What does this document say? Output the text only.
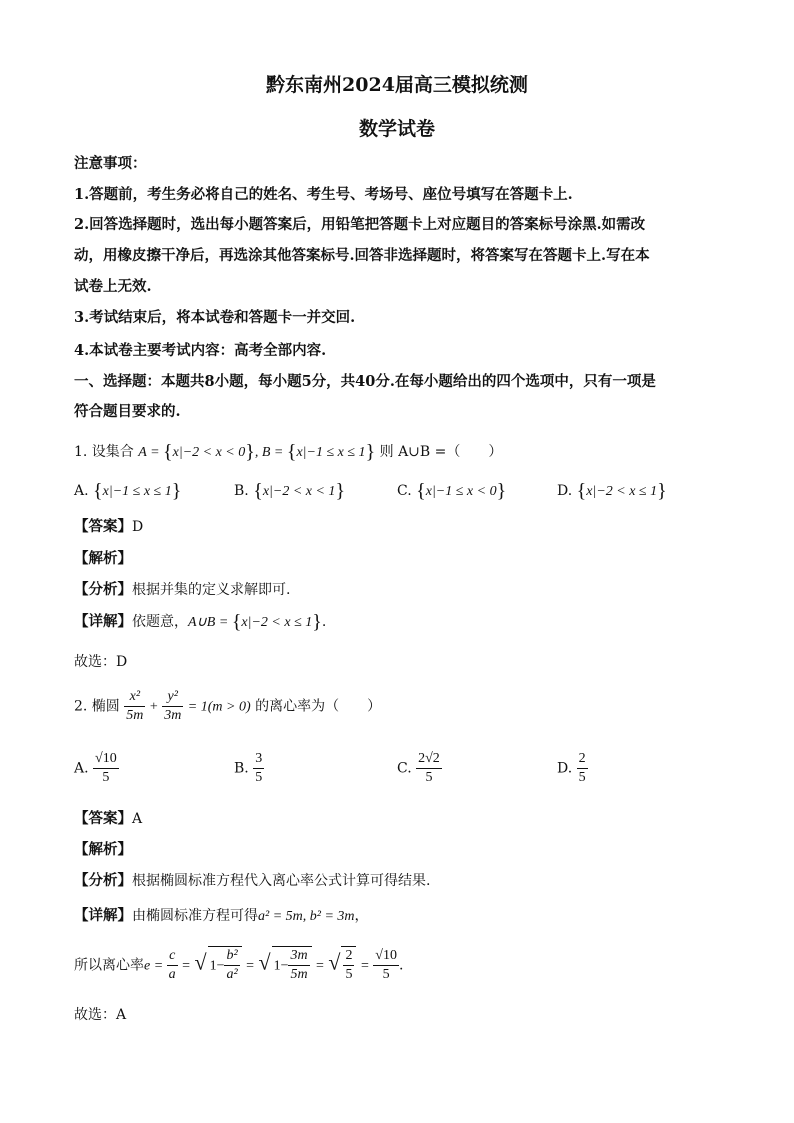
黔东南州2024届高三模拟统测
数学试卷
注意事项：
1.答题前，考生务必将自己的姓名、考生号、考场号、座位号填写在答题卡上.
2.回答选择题时，选出每小题答案后，用铅笔把答题卡上对应题目的答案标号涂黑.如需改
动，用橡皮擦干净后，再选涂其他答案标号.回答非选择题时，将答案写在答题卡上.写在本
试卷上无效.
3.考试结束后，将本试卷和答题卡一并交回.
4.本试卷主要考试内容：高考全部内容.
一、选择题：本题共8小题，每小题5分，共40分.在每小题给出的四个选项中，只有一项是
符合题目要求的.
1. 设集合 A = {x|−2 < x < 0}, B = {x|−1 ≤ x ≤ 1} 则 A∪B =（　　）
A. {x|−1 ≤ x ≤ 1}	B. {x|−2 < x < 1}	C. {x|−1 ≤ x < 0}	D. {x|−2 < x ≤ 1}
【答案】D
【解析】
【分析】根据并集的定义求解即可.
【详解】依题意，A∪B = {x|−2 < x ≤ 1}.
故选：D
2. 椭圆 $\frac{\text{x²}}{5m} + \frac{\text{y²}}{3m} = 1(m > 0)$ 的离心率为（　　）
A. $\frac{√10}{5}$	B. $\frac{3}{5}$	C. $\frac{2√2}{5}$	D. $\frac{2}{5}$
【答案】A
【解析】
【分析】根据椭圆标准方程代入离心率公式计算可得结果.
【详解】由椭圆标准方程可得a² = 5m, b² = 3m，
所以离心率$e = \frac{c}{a}$ = √ $1- \frac{\text{b²}}{\text{a²}}$ = √ $1- \frac{3m}{5m}$ = √ $\frac{2}{5} = \frac{√10}{5}$ .
故选：A
